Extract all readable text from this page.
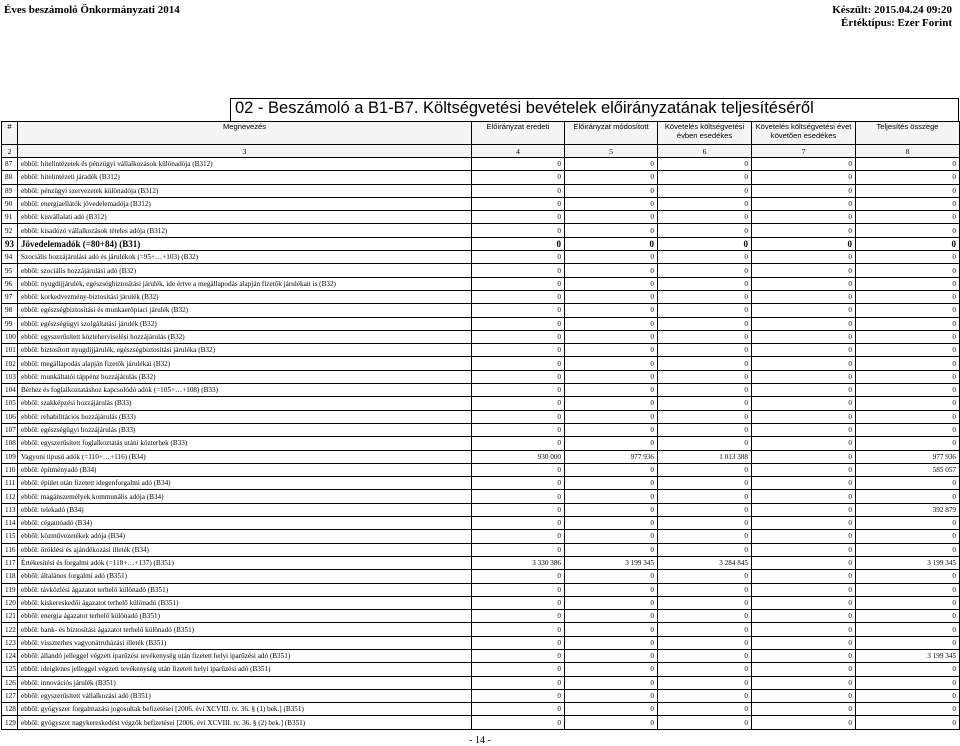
Éves beszámoló Önkormányzati 2014	Készült: 2015.04.24 09:20
Értéktípus: Ezer Forint
02 - Beszámoló a B1-B7. Költségvetési bevételek előirányzatának teljesítéséről
#	Megnevezés	Előirányzat eredeti	Előirányzat módosított	Követelés költségvetési évben esedékes	Követelés költségvetési évet követően esedékes	Teljesítés összege
2	3	4	5	6	7	8
87	ebből: hitelintézetek és pénzügyi vállalkozások különadója (B312)	0	0	0	0	0
88	ebből: hitelintézeti járadék (B312)	0	0	0	0	0
89	ebből: pénzügyi szervezetek különadója (B312)	0	0	0	0	0
90	ebből: energiaellátók jövedelemadója (B312)	0	0	0	0	0
91	ebből: kisvállalati adó (B312)	0	0	0	0	0
92	ebből: kisadózó vállalkozások tételes adója (B312)	0	0	0	0	0
93	Jövedelemadók (=80+84) (B31)	0	0	0	0	0
94	Szociális hozzájárulási adó és járulékok (=95+…+103) (B32)	0	0	0	0	0
95	ebből: szociális hozzájárulási adó (B32)	0	0	0	0	0
96	ebből: nyugdíjjárulék, egészségbiztosítási járulék, ide értve a megállapodás alapján fizetők járulékait is (B32)	0	0	0	0	0
97	ebből: korkedvezmény-biztosítási járulék (B32)	0	0	0	0	0
98	ebből: egészségbiztosítási és munkaerőpiaci járulék (B32)	0	0	0	0	0
99	ebből: egészségügyi szolgáltatási járulék (B32)	0	0	0	0	0
100	ebből: egyszerűsített közteherviselési hozzájárulás (B32)	0	0	0	0	0
101	ebből: biztosított nyugdíjjárulék, egészségbiztosítási járuléka (B32)	0	0	0	0	0
102	ebből: megállapodás alapján fizetők járulékai (B32)	0	0	0	0	0
103	ebből: munkáltatói táppénz hozzájárulás (B32)	0	0	0	0	0
104	Bérhez és foglalkoztatáshoz kapcsolódó adók (=105+…+108) (B33)	0	0	0	0	0
105	ebből: szakképzési hozzájárulás (B33)	0	0	0	0	0
106	ebből: rehabilitációs hozzájárulás (B33)	0	0	0	0	0
107	ebből: egészségügyi hozzájárulás (B33)	0	0	0	0	0
108	ebből: egyszerűsített foglalkoztatás utáni közterhek (B33)	0	0	0	0	0
109	Vagyoni tipusú adók (=110+…+116) (B34)	930 000	977 936	1 013 388	0	977 936
110	ebből: építményadó (B34)	0	0	0	0	585 057
111	ebből: épület után fizetett idegenforgalmi adó (B34)	0	0	0	0	0
112	ebből: magánszemélyek kommunális adója (B34)	0	0	0	0	0
113	ebből: telekadó (B34)	0	0	0	0	392 879
114	ebből: cégautóadó (B34)	0	0	0	0	0
115	ebből: közművezetékek adója (B34)	0	0	0	0	0
116	ebből: öröklési és ajándékozási illeték (B34)	0	0	0	0	0
117	Értékesítési és forgalmi adók (=118+…+137) (B351)	3 330 386	3 199 345	3 284 845	0	3 199 345
118	ebből: általános forgalmi adó (B351)	0	0	0	0	0
119	ebből: távközlési ágazatot terhelő különadó (B351)	0	0	0	0	0
120	ebből: kiskereskedői ágazatot terhelő különadó (B351)	0	0	0	0	0
121	ebből: energia ágazatot terhelő különadó (B351)	0	0	0	0	0
122	ebből: bank- és biztosítási ágazatot terhelő különadó (B351)	0	0	0	0	0
123	ebből: visszterhes vagyonátruházási illeték (B351)	0	0	0	0	0
124	ebből: állandó jelleggel végzett iparűzési tevékenység után fizetett helyi iparűzési adó (B351)	0	0	0	0	3 199 345
125	ebből: ideiglenes jelleggel végzett tevékenység után fizetett helyi iparűzési adó (B351)	0	0	0	0	0
126	ebből: innovációs járulék (B351)	0	0	0	0	0
127	ebből: egyszerűsített vállalkozási adó (B351)	0	0	0	0	0
128	ebből: gyógyszer forgalmazási jogosultak befizetései [2006. évi XCVIII. tv. 36. § (1) bek.] (B351)	0	0	0	0	0
129	ebből: gyógyszer nagykereskedést végzők befizetései [2006. évi XCVIII. tv. 36. § (2) bek.] (B351)	0	0	0	0	0
- 14 -
